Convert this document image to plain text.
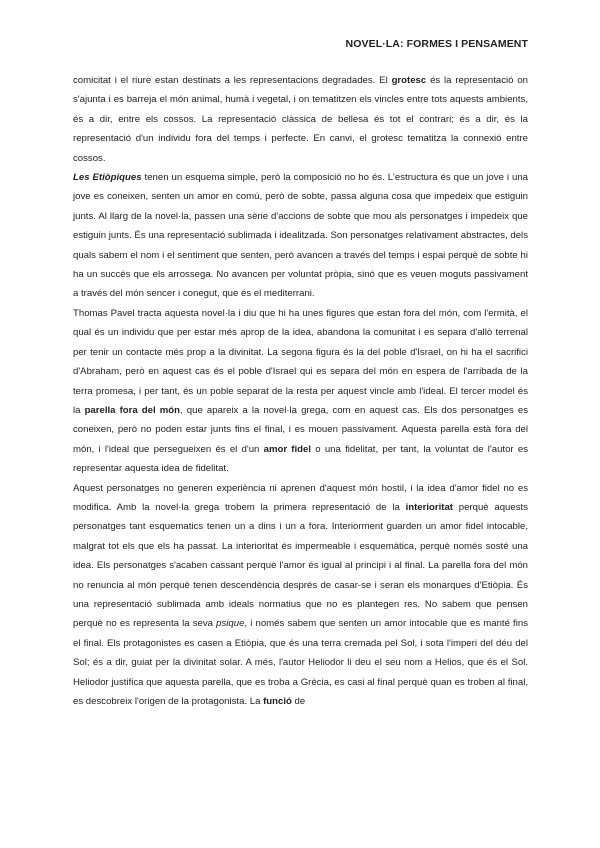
NOVEL·LA: FORMES I PENSAMENT

comicitat i el riure estan destinats a les representacions degradades. El grotesc és la representació on s'ajunta i es barreja el món animal, humà i vegetal, i on tematitzen els vincles entre tots aquests ambients, és a dir, entre els cossos. La representació clàssica de bellesa és tot el contrari; és a dir, és la representació d'un individu fora del temps i perfecte. En canvi, el grotesc tematitza la connexió entre cossos.

Les Etiòpiques tenen un esquema simple, però la composició no ho és. L'estructura és que un jove i una jove es coneixen, senten un amor en comú, però de sobte, passa alguna cosa que impedeix que estiguin junts. Al llarg de la novel·la, passen una sèrie d'accions de sobte que mou als personatges i impedeix que estiguin junts. És una representació sublimada i idealitzada. Son personatges relativament abstractes, dels quals sabem el nom i el sentiment que senten, però avancen a través del temps i espai perquè de sobte hi ha un succés que els arrossega. No avancen per voluntat pròpia, sinó que es veuen moguts passivament a través del món sencer i conegut, que és el mediterrani.

Thomas Pavel tracta aquesta novel·la i diu que hi ha unes figures que estan fora del món, com l'ermità, el qual és un individu que per estar més aprop de la idea, abandona la comunitat i es separa d'allò terrenal per tenir un contacte més prop a la divinitat. La segona figura és la del poble d'Israel, on hi ha el sacrifici d'Abraham, però en aquest cas és el poble d'Israel qui es separa del món en espera de l'arribada de la terra promesa, i per tant, és un poble separat de la resta per aquest vincle amb l'ideal. El tercer model és la parella fora del món, que apareix a la novel·la grega, com en aquest cas. Els dos personatges es coneixen, però no poden estar junts fins el final, i es mouen passivament. Aquesta parella està fora del món, i l'ideal que persegueixen és el d'un amor fidel o una fidelitat, per tant, la voluntat de l'autor es representar aquesta idea de fidelitat.

Aquest personatges no generen experiència ni aprenen d'aquest món hostil, i la idea d'amor fidel no es modifica. Amb la novel·la grega trobem la primera representació de la interioritat perquè aquests personatges tant esquematics tenen un a dins i un a fora. Interiorment guarden un amor fidel intocable, malgrat tot els que els ha passat. La interioritat és impermeable i esquemàtica, perquè només sosté una idea. Els personatges s'acaben cassant perquè l'amor és igual al principi i al final. La parella fora del món no renuncia al món perquè tenen descendència després de casar-se i seran els monarques d'Etiòpia. És una representació sublimada amb ideals normatius que no es plantegen res. No sabem que pensen perquè no es representa la seva psique, i només sabem que senten un amor intocable que es manté fins el final. Els protagonistes es casen a Etiòpia, que és una terra cremada pel Sol, i sota l'imperi del déu del Sol; és a dir, guiat per la divinitat solar. A més, l'autor Heliodor li deu el seu nom a Helios, que és el Sol. Heliodor justifica que aquesta parella, que es troba a Grècia, es casi al final perquè quan es troben al final, es descobreix l'origen de la protagonista. La funció de
